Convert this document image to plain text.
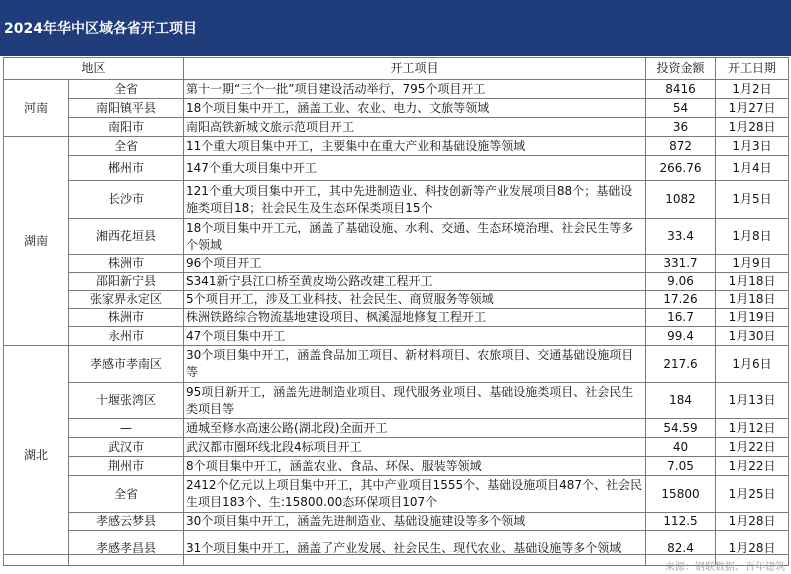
2024年华中区域各省开工项目
地区		开工项目	投资金额	开工日期
河南	全省	第十一期“三个一批”项目建设活动举行，795个项目开工	8416	1月2日
	南阳镇平县	18个项目集中开工，涵盖工业、农业、电力、文旅等领域	54	1月27日
	南阳市	南阳高铁新城文旅示范项目开工	36	1月28日
湖南	全省	11个重大项目集中开工，主要集中在重大产业和基础设施等领域	872	1月3日
	郴州市	147个重大项目集中开工	266.76	1月4日
	长沙市	121个重大项目集中开工，其中先进制造业、科技创新等产业发展项目88个；基础设施类项目18；社会民生及生态环保类项目15个	1082	1月5日
	湘西花垣县	18个项目集中开工元，涵盖了基础设施、水利、交通、生态环境治理、社会民生等多个领域	33.4	1月8日
	株洲市	96个项目开工	331.7	1月9日
	邵阳新宁县	S341新宁县江口桥至黄皮坳公路改建工程开工	9.06	1月18日
	张家界永定区	5个项目开工，涉及工业科技、社会民生、商贸服务等领域	17.26	1月18日
	株洲市	株洲铁路综合物流基地建设项目、枫溪湿地修复工程开工	16.7	1月19日
	永州市	47个项目集中开工	99.4	1月30日
湖北	孝感市孝南区	30个项目集中开工，涵盖食品加工项目、新材料项目、农旅项目、交通基础设施项目等	217.6	1月6日
	十堰张湾区	95项目新开工，涵盖先进制造业项目、现代服务业项目、基础设施类项目、社会民生类项目等	184	1月13日
	—	通城至修水高速公路(湖北段)全面开工	54.59	1月12日
	武汉市	武汉都市圈环线北段4标项目开工	40	1月22日
	荆州市	8个项目集中开工，涵盖农业、食品、环保、服装等领域	7.05	1月22日
	全省	2412个亿元以上项目集中开工，其中产业项目1555个、基础设施项目487个、社会民生项目183个、生:15800.00态环保项目107个	15800	1月25日
	孝感云梦县	30个项目集中开工，涵盖先进制造业、基础设施建设等多个领域	112.5	1月28日
	孝感孝昌县	31个项目集中开工，涵盖了产业发展、社会民生、现代农业、基础设施等多个领域	82.4	1月28日
来源：钢联数据、百年建筑
